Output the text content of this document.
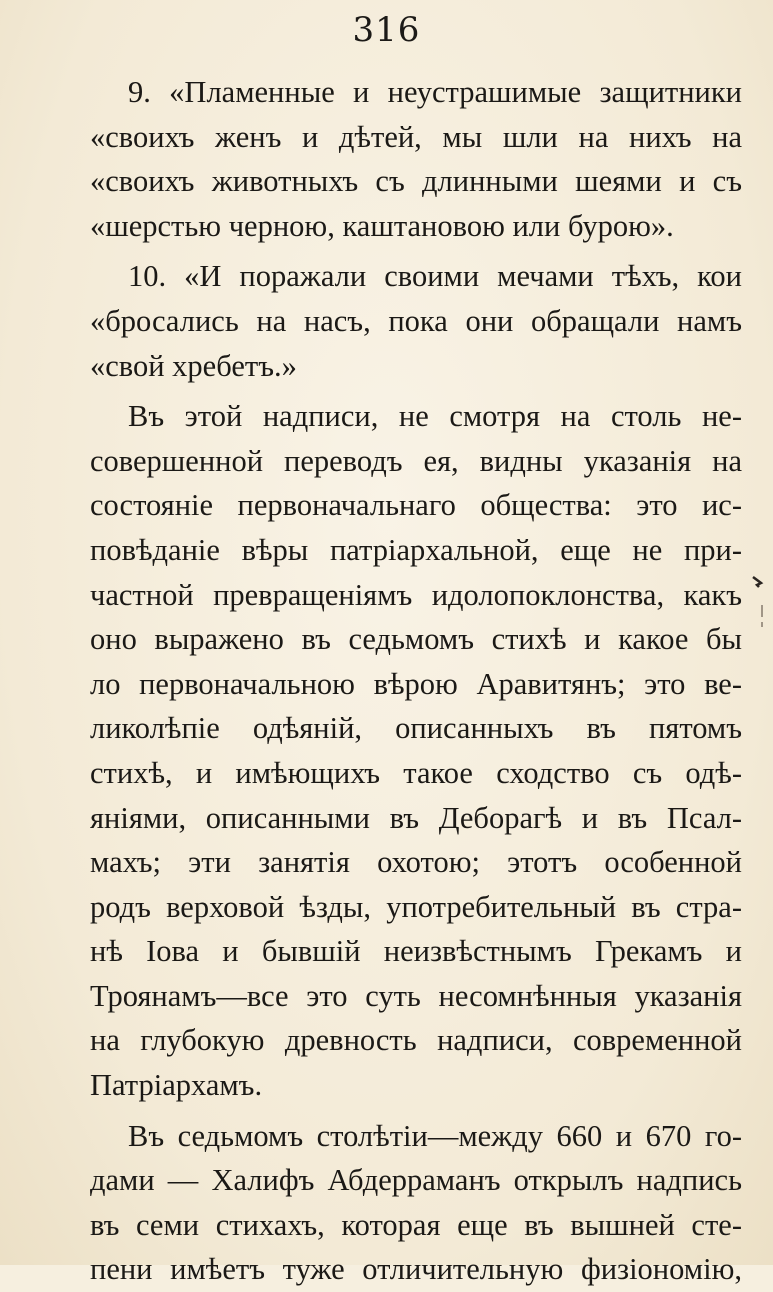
316
9. «Пламенные и неустрашимые защитники
«своихъ женъ и дѣтей, мы шли на нихъ на
«своихъ животныхъ съ длинными шеями и съ
«шерстью черною, каштановою или бурою».
10. «И поражали своими мечами тѣхъ, кои
«бросались на насъ, пока они обращали намъ
«свой хребетъ.»
Въ этой надписи, не смотря на столь не-
совершенной переводъ ея, видны указанія на
состояніе первоначальнаго общества: это ис-
повѣданіе вѣры патріархальной, еще не при-
частной превращеніямъ идолопоклонства, какъ
оно выражено въ седьмомъ стихѣ и какое бы
ло первоначальною вѣрою Аравитянъ; это ве-
ликолѣпіе одѣяній, описанныхъ въ пятомъ
стихѣ, и имѣющихъ такое сходство съ одѣ-
яніями, описанными въ Деборагѣ и въ Псал-
махъ; эти занятія охотою; этотъ особенной
родъ верховой ѣзды, употребительный въ стра-
нѣ Іова и бывшій неизвѣстнымъ Грекамъ и
Троянамъ—все это суть несомнѣнныя указанія
на глубокую древность надписи, современной
Патріархамъ.
Въ седьмомъ столѣтіи—между 660 и 670 го-
дами — Халифъ Абдерраманъ открылъ надпись
въ семи стихахъ, которая еще въ вышней сте-
пени имѣетъ туже отличительную физіономію,
